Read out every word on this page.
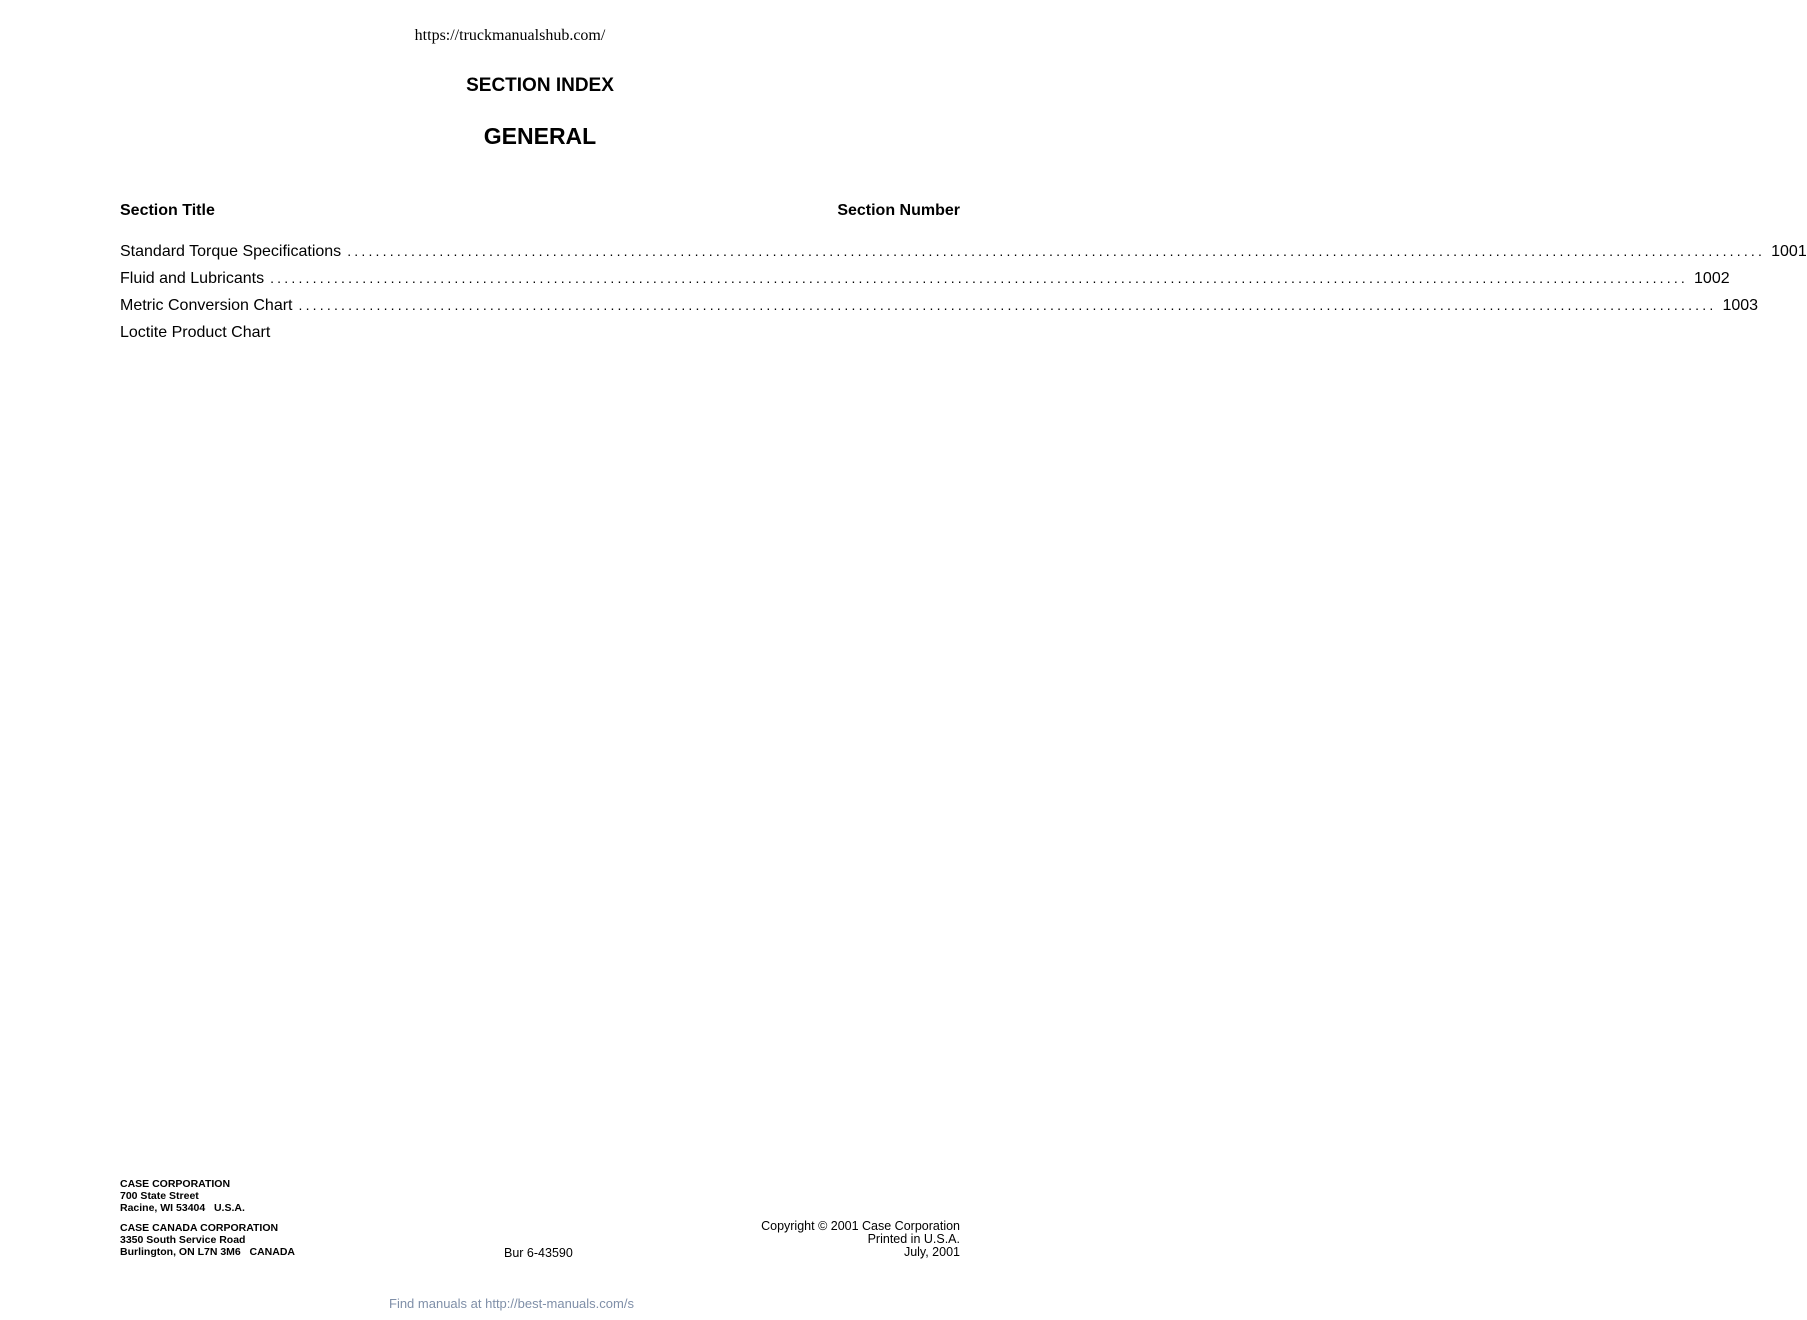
https://truckmanualshub.com/
SECTION INDEX
GENERAL
Section Title	Section Number
Standard Torque Specifications ........................................................................................................................................................................................................ 1001
Fluid and Lubricants ........................................................................................................................................................................................................ 1002
Metric Conversion Chart ........................................................................................................................................................................................................ 1003
Loctite Product Chart
CASE CORPORATION
700 State Street
Racine, WI 53404   U.S.A.
CASE CANADA CORPORATION
3350 South Service Road
Burlington, ON L7N 3M6   CANADA	Bur 6-43590
Copyright © 2001 Case Corporation
Printed in U.S.A.
July, 2001
Find manuals at http://best-manuals.com/s
